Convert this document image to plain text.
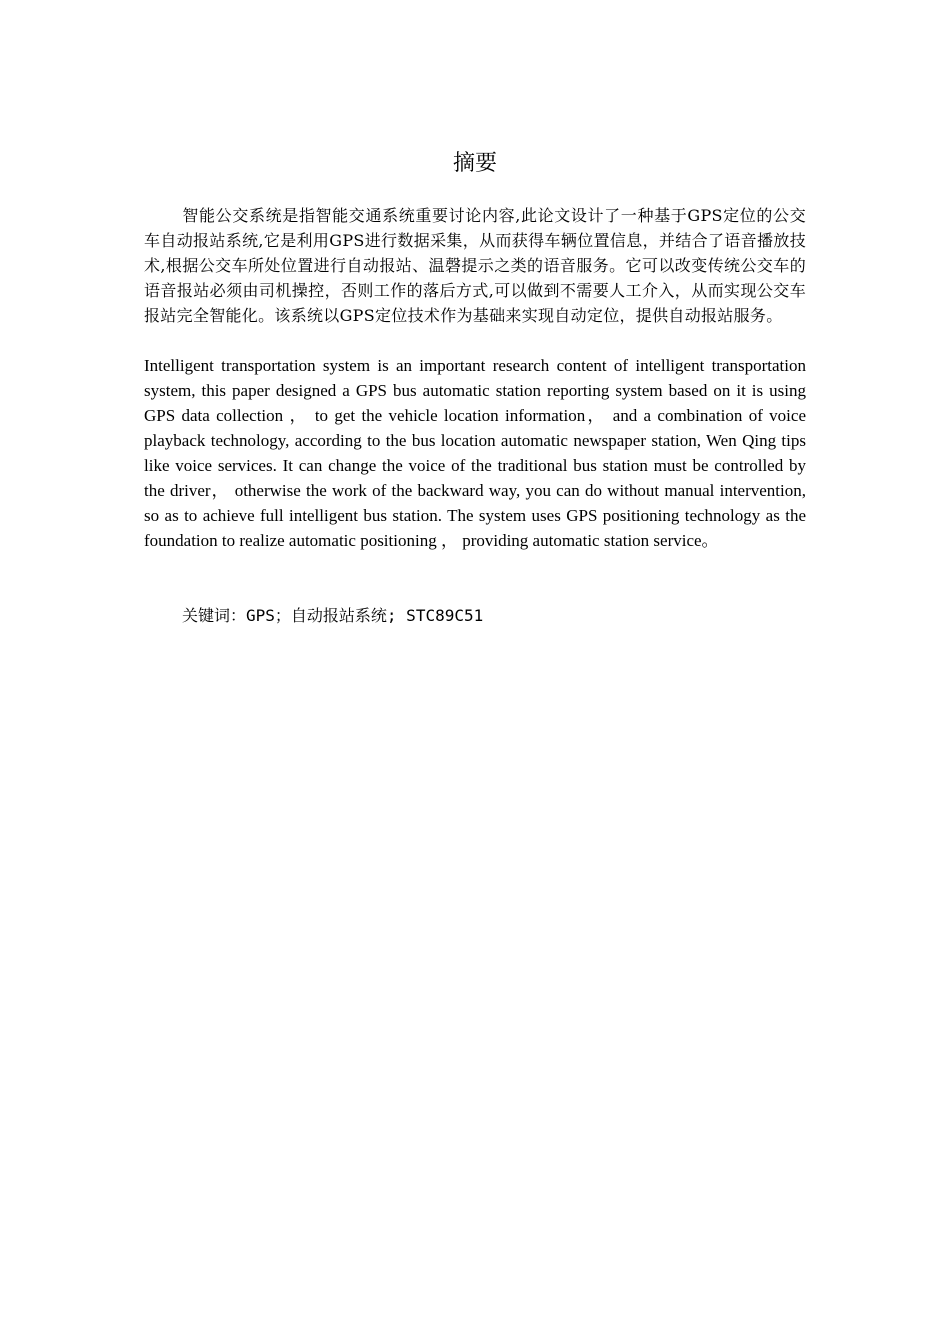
摘要

智能公交系统是指智能交通系统重要讨论内容,此论文设计了一种基于GPS定位的公交车自动报站系统,它是利用GPS进行数据采集，从而获得车辆位置信息，并结合了语音播放技术,根据公交车所处位置进行自动报站、温磬提示之类的语音服务。它可以改变传统公交车的语音报站必须由司机操控，否则工作的落后方式,可以做到不需要人工介入，从而实现公交车报站完全智能化。该系统以GPS定位技术作为基础来实现自动定位，提供自动报站服务。

Intelligent transportation system is an important research content of intelligent transportation system, this paper designed a GPS bus automatic station reporting system based on it is using GPS data collection ， to get the vehicle location information， and a combination of voice playback technology, according to the bus location automatic newspaper station, Wen Qing tips like voice services. It can change the voice of the traditional bus station must be controlled by the driver， otherwise the work of the backward way, you can do without manual intervention, so as to achieve full intelligent bus station. The system uses GPS positioning technology as the foundation to realize automatic positioning ， providing automatic station service。

关键词：GPS；自动报站系统; STC89C51
